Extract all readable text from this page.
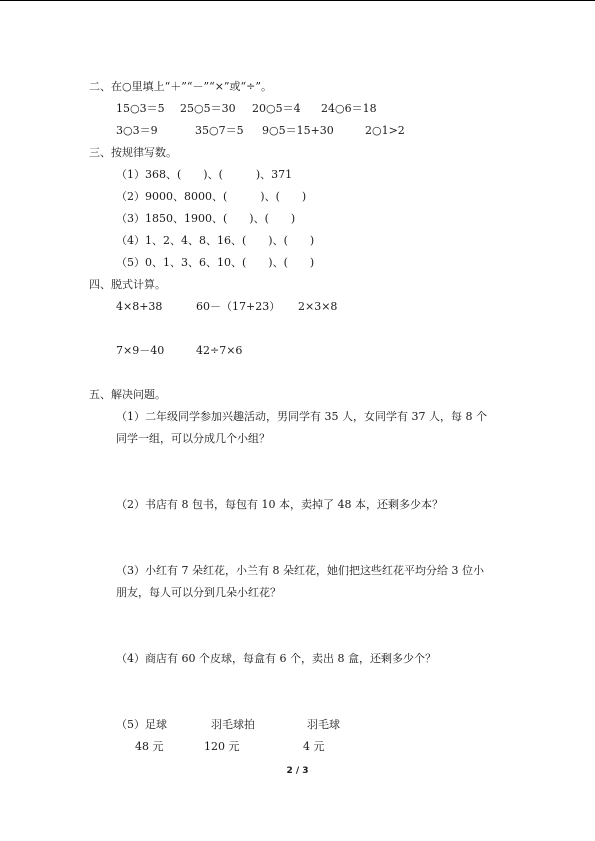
二、在○里填上“＋”“－”“×”或“÷”。
15○3＝5 25○5＝30 20○5＝4 24○6＝18
3○3＝9	35○7＝5 9○5＝15+30	2○1>2
三、按规律写数。
（1）368、(　　)、(　　　)、371
（2）9000、8000、(　　　)、(　　)
（3）1850、1900、(　　)、(　　)
（4）1、2、4、8、16、(　　)、(　　)
（5）0、1、3、6、10、(　　)、(　　)
四、脱式计算。
4×8+38	60－（17+23） 2×3×8
7×9－40	42÷7×6
五、解决问题。
（1）二年级同学参加兴趣活动，男同学有 35 人，女同学有 37 人，每 8 个
同学一组，可以分成几个小组？
（2）书店有 8 包书，每包有 10 本，卖掉了 48 本，还剩多少本？
（3）小红有 7 朵红花，小兰有 8 朵红花，她们把这些红花平均分给 3 位小
朋友，每人可以分到几朵小红花？
（4）商店有 60 个皮球，每盒有 6 个，卖出 8 盒，还剩多少个？
（5）足球	羽毛球拍	羽毛球
48 元	120 元	4 元
2 / 3
